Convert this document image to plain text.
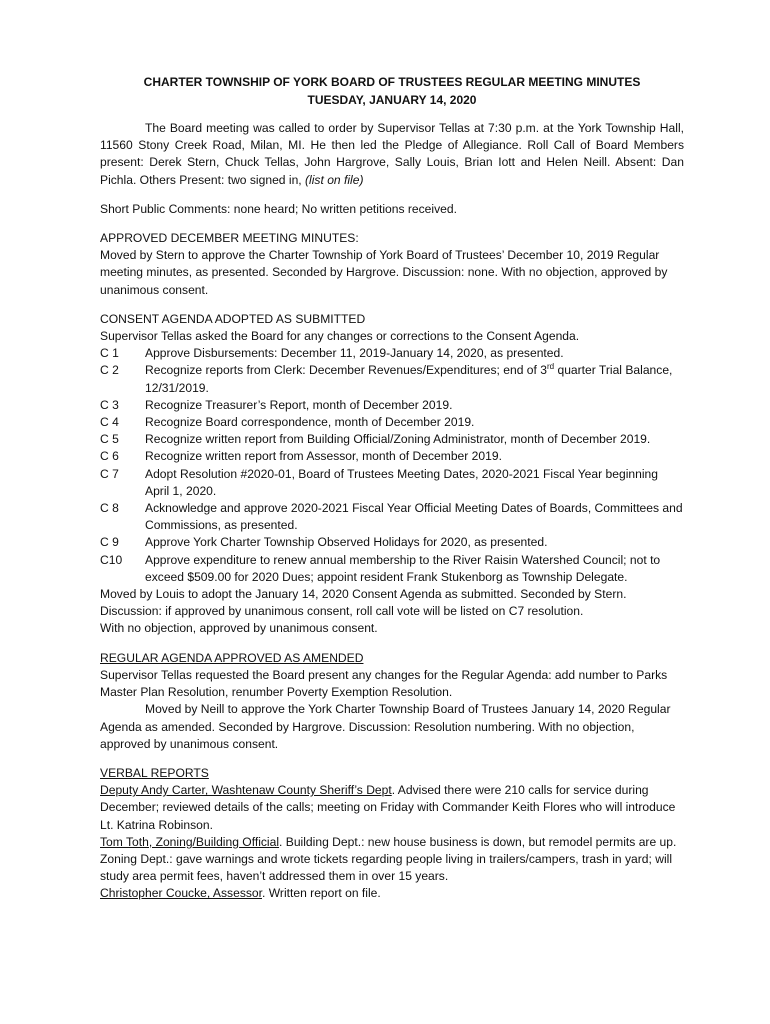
CHARTER TOWNSHIP OF YORK BOARD OF TRUSTEES REGULAR MEETING MINUTES

TUESDAY, JANUARY 14, 2020

The Board meeting was called to order by Supervisor Tellas at 7:30 p.m. at the York Township Hall, 11560 Stony Creek Road, Milan, MI. He then led the Pledge of Allegiance. Roll Call of Board Members present: Derek Stern, Chuck Tellas, John Hargrove, Sally Louis, Brian Iott and Helen Neill. Absent: Dan Pichla. Others Present: two signed in, (list on file)

Short Public Comments: none heard; No written petitions received.

APPROVED DECEMBER MEETING MINUTES:

Moved by Stern to approve the Charter Township of York Board of Trustees’ December 10, 2019 Regular meeting minutes, as presented. Seconded by Hargrove. Discussion: none. With no objection, approved by unanimous consent.

CONSENT AGENDA ADOPTED AS SUBMITTED

Supervisor Tellas asked the Board for any changes or corrections to the Consent Agenda.

C 1	Approve Disbursements: December 11, 2019-January 14, 2020, as presented.
C 2	Recognize reports from Clerk: December Revenues/Expenditures; end of 3rd quarter Trial Balance, 12/31/2019.
C 3	Recognize Treasurer’s Report, month of December 2019.
C 4	Recognize Board correspondence, month of December 2019.
C 5	Recognize written report from Building Official/Zoning Administrator, month of December 2019.
C 6	Recognize written report from Assessor, month of December 2019.
C 7	Adopt Resolution #2020-01, Board of Trustees Meeting Dates, 2020-2021 Fiscal Year beginning April 1, 2020.
C 8	Acknowledge and approve 2020-2021 Fiscal Year Official Meeting Dates of Boards, Committees and Commissions, as presented.
C 9	Approve York Charter Township Observed Holidays for 2020, as presented.
C10	Approve expenditure to renew annual membership to the River Raisin Watershed Council; not to exceed $509.00 for 2020 Dues; appoint resident Frank Stukenborg as Township Delegate.

Moved by Louis to adopt the January 14, 2020 Consent Agenda as submitted. Seconded by Stern.

Discussion: if approved by unanimous consent, roll call vote will be listed on C7 resolution.

With no objection, approved by unanimous consent.

REGULAR AGENDA APPROVED AS AMENDED

Supervisor Tellas requested the Board present any changes for the Regular Agenda: add number to Parks Master Plan Resolution, renumber Poverty Exemption Resolution.

Moved by Neill to approve the York Charter Township Board of Trustees January 14, 2020 Regular Agenda as amended. Seconded by Hargrove. Discussion: Resolution numbering. With no objection, approved by unanimous consent.

VERBAL REPORTS

Deputy Andy Carter, Washtenaw County Sheriff’s Dept. Advised there were 210 calls for service during December; reviewed details of the calls; meeting on Friday with Commander Keith Flores who will introduce Lt. Katrina Robinson.

Tom Toth, Zoning/Building Official. Building Dept.: new house business is down, but remodel permits are up. Zoning Dept.: gave warnings and wrote tickets regarding people living in trailers/campers, trash in yard; will study area permit fees, haven’t addressed them in over 15 years.

Christopher Coucke, Assessor. Written report on file.
